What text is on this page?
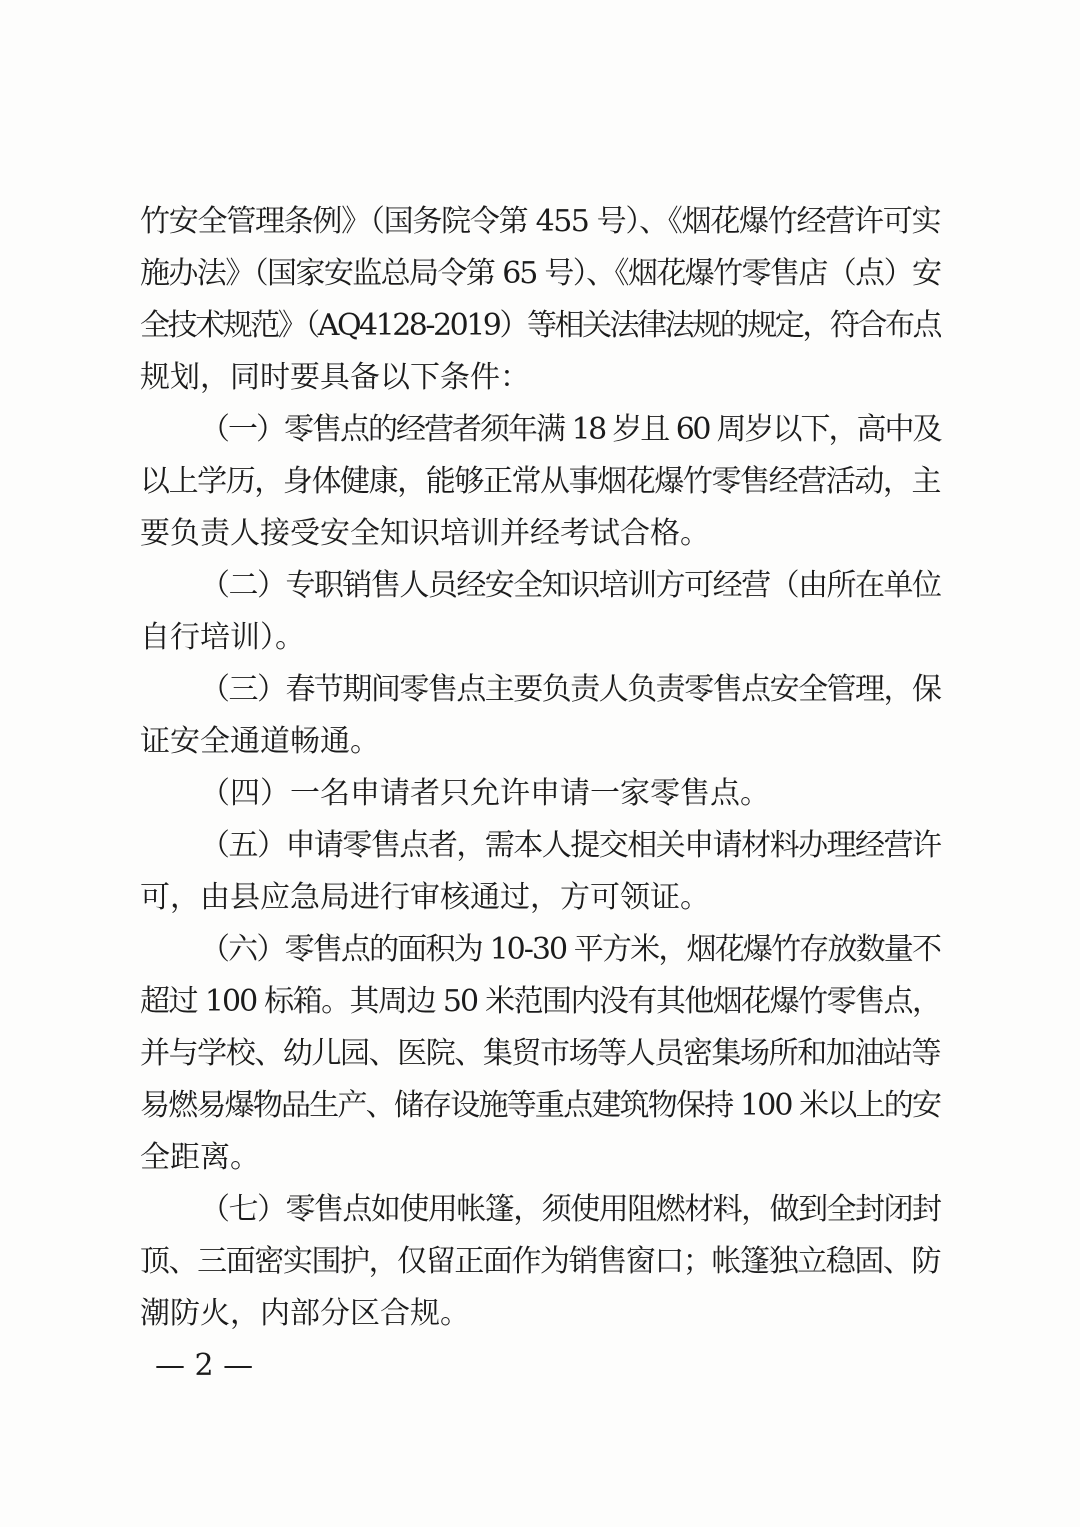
竹安全管理条例》（国务院令第 455 号）、《烟花爆竹经营许可实
施办法》（国家安监总局令第 65 号）、《烟花爆竹零售店（点）安
全技术规范》（AQ4128-2019）等相关法律法规的规定，符合布点
规划，同时要具备以下条件：
（一）零售点的经营者须年满 18 岁且 60 周岁以下，高中及
以上学历，身体健康，能够正常从事烟花爆竹零售经营活动，主
要负责人接受安全知识培训并经考试合格。
（二）专职销售人员经安全知识培训方可经营（由所在单位
自行培训）。
（三）春节期间零售点主要负责人负责零售点安全管理，保
证安全通道畅通。
（四）一名申请者只允许申请一家零售点。
（五）申请零售点者，需本人提交相关申请材料办理经营许
可，由县应急局进行审核通过，方可领证。
（六）零售点的面积为 10-30 平方米，烟花爆竹存放数量不
超过 100 标箱。其周边 50 米范围内没有其他烟花爆竹零售点，
并与学校、幼儿园、医院、集贸市场等人员密集场所和加油站等
易燃易爆物品生产、储存设施等重点建筑物保持 100 米以上的安
全距离。
（七）零售点如使用帐篷，须使用阻燃材料，做到全封闭封
顶、三面密实围护，仅留正面作为销售窗口；帐篷独立稳固、防
潮防火，内部分区合规。
— 2 —
